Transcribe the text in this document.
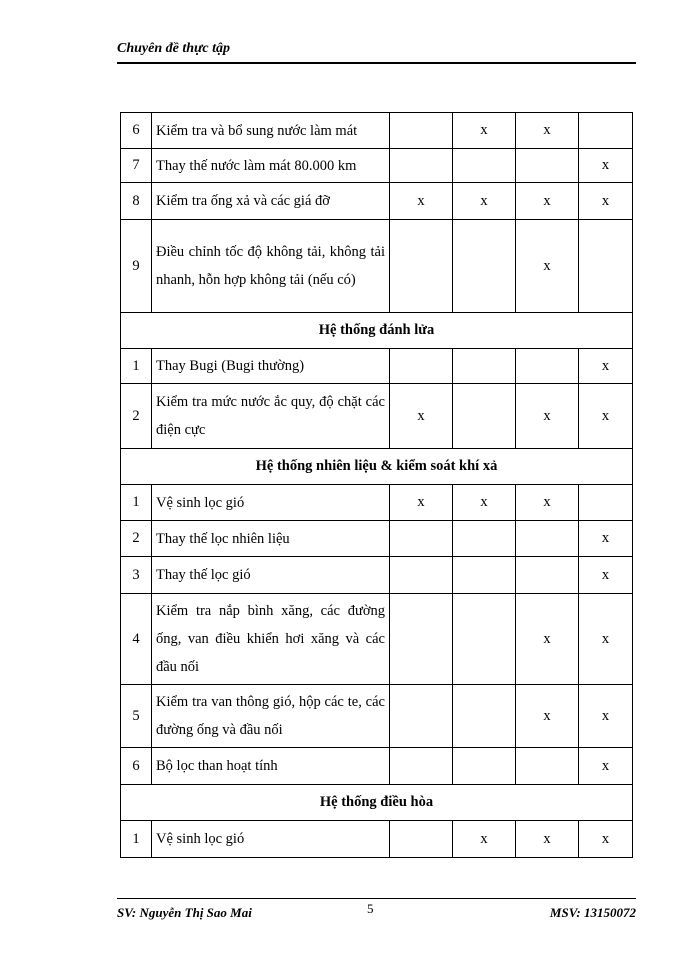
Chuyên đề thực tập
6	Kiểm tra và bổ sung nước làm mát		x	x	
7	Thay thế nước làm mát 80.000 km				x
8	Kiểm tra ống xả và các giá đỡ	x	x	x	x
9	Điều chỉnh tốc độ không tải, không tải nhanh, hỗn hợp không tải (nếu có)			x	
Hệ thống đánh lửa					
1	Thay Bugi (Bugi thường)				x
2	Kiểm tra mức nước ắc quy, độ chặt các điện cực	x		x	x
Hệ thống nhiên liệu & kiểm soát khí xả					
1	Vệ sinh lọc gió	x	x	x	
2	Thay thế lọc nhiên liệu				x
3	Thay thế lọc gió				x
4	Kiểm tra nắp bình xăng, các đường ống, van điều khiển hơi xăng và các đầu nối			x	x
5	Kiểm tra van thông gió, hộp các te, các đường ống và đầu nối			x	x
6	Bộ lọc than hoạt tính				x
Hệ thống điều hòa					
1	Vệ sinh lọc gió		x	x	x
SV: Nguyễn Thị Sao Mai	5	MSV: 13150072
